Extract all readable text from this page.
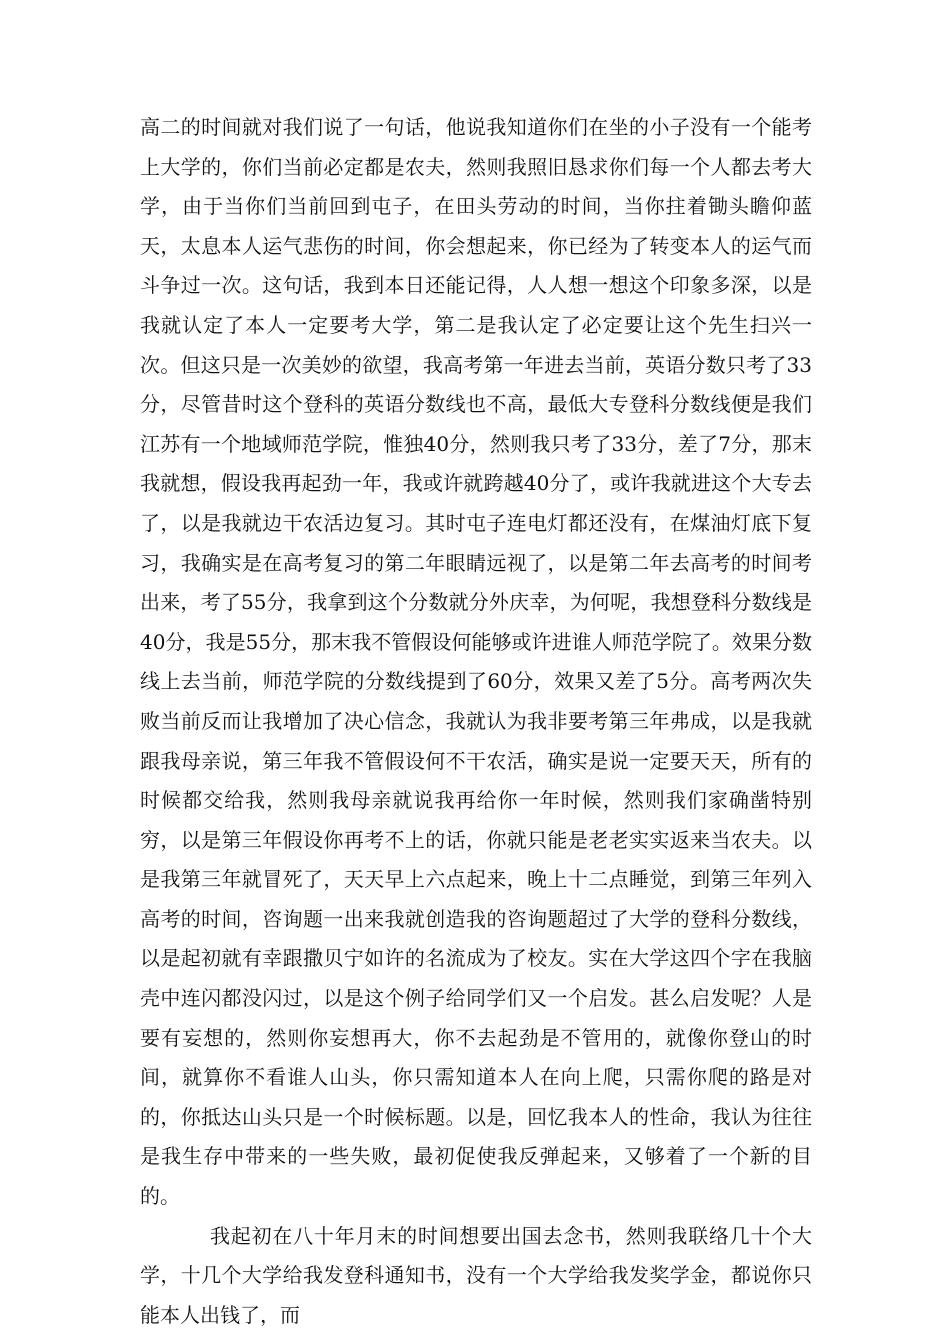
高二的时间就对我们说了一句话，他说我知道你们在坐的小子没有一个能考上大学的，你们当前必定都是农夫，然则我照旧恳求你们每一个人都去考大学，由于当你们当前回到屯子，在田头劳动的时间，当你拄着锄头瞻仰蓝天，太息本人运气悲伤的时间，你会想起来，你已经为了转变本人的运气而斗争过一次。这句话，我到本日还能记得，人人想一想这个印象多深，以是我就认定了本人一定要考大学，第二是我认定了必定要让这个先生扫兴一次。但这只是一次美妙的欲望，我高考第一年进去当前，英语分数只考了33分，尽管昔时这个登科的英语分数线也不高，最低大专登科分数线便是我们江苏有一个地域师范学院，惟独40分，然则我只考了33分，差了7分，那末我就想，假设我再起劲一年，我或许就跨越40分了，或许我就进这个大专去了，以是我就边干农活边复习。其时屯子连电灯都还没有，在煤油灯底下复习，我确实是在高考复习的第二年眼睛远视了，以是第二年去高考的时间考出来，考了55分，我拿到这个分数就分外庆幸，为何呢，我想登科分数线是40分，我是55分，那末我不管假设何能够或许进谁人师范学院了。效果分数线上去当前，师范学院的分数线提到了60分，效果又差了5分。高考两次失败当前反而让我增加了决心信念，我就认为我非要考第三年弗成，以是我就跟我母亲说，第三年我不管假设何不干农活，确实是说一定要天天，所有的时候都交给我，然则我母亲就说我再给你一年时候，然则我们家确凿特别穷，以是第三年假设你再考不上的话，你就只能是老老实实返来当农夫。以是我第三年就冒死了，天天早上六点起来，晚上十二点睡觉，到第三年列入高考的时间，咨询题一出来我就创造我的咨询题超过了大学的登科分数线，以是起初就有幸跟撒贝宁如许的名流成为了校友。实在大学这四个字在我脑壳中连闪都没闪过，以是这个例子给同学们又一个启发。甚么启发呢？人是要有妄想的，然则你妄想再大，你不去起劲是不管用的，就像你登山的时间，就算你不看谁人山头，你只需知道本人在向上爬，只需你爬的路是对的，你抵达山头只是一个时候标题。以是，回忆我本人的性命，我认为往往是我生存中带来的一些失败，最初促使我反弹起来，又够着了一个新的目的。

我起初在八十年月末的时间想要出国去念书，然则我联络几十个大学，十几个大学给我发登科通知书，没有一个大学给我发奖学金，都说你只能本人出钱了，而
